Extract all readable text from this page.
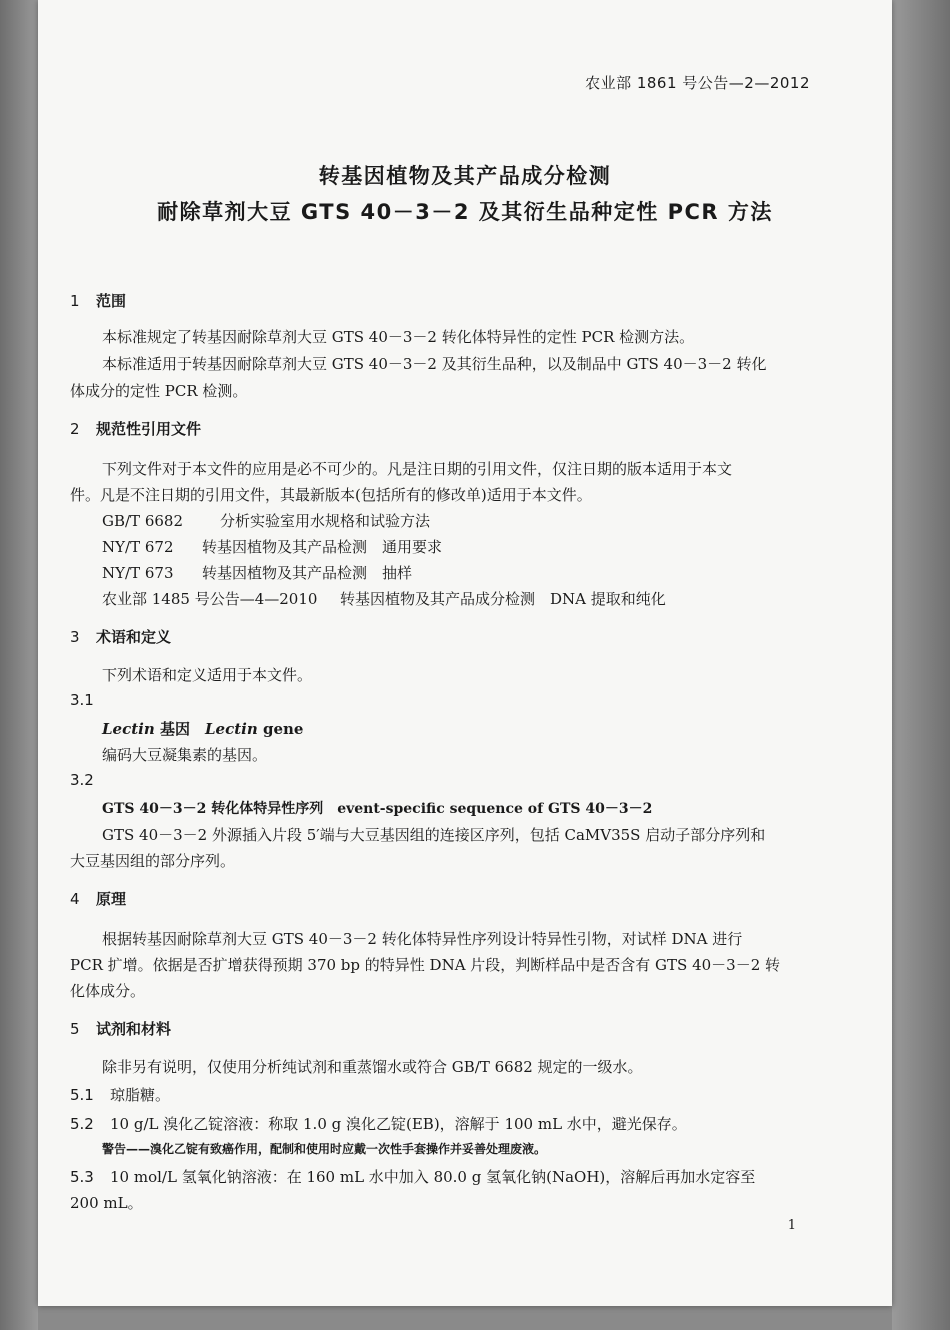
农业部 1861 号公告—2—2012
转基因植物及其产品成分检测
耐除草剂大豆 GTS 40－3－2 及其衍生品种定性 PCR 方法
1 范围
本标准规定了转基因耐除草剂大豆 GTS 40－3－2 转化体特异性的定性 PCR 检测方法。
本标准适用于转基因耐除草剂大豆 GTS 40－3－2 及其衍生品种，以及制品中 GTS 40－3－2 转化
体成分的定性 PCR 检测。
2 规范性引用文件
下列文件对于本文件的应用是必不可少的。凡是注日期的引用文件，仅注日期的版本适用于本文
件。凡是不注日期的引用文件，其最新版本(包括所有的修改单)适用于本文件。
GB/T 6682 分析实验室用水规格和试验方法
NY/T 672 转基因植物及其产品检测　通用要求
NY/T 673 转基因植物及其产品检测　抽样
农业部 1485 号公告—4—2010 转基因植物及其产品成分检测　DNA 提取和纯化
3 术语和定义
下列术语和定义适用于本文件。
3.1
Lectin 基因　Lectin gene
编码大豆凝集素的基因。
3.2
GTS 40－3－2 转化体特异性序列　event-specific sequence of GTS 40－3－2
GTS 40－3－2 外源插入片段 5′端与大豆基因组的连接区序列，包括 CaMV35S 启动子部分序列和
大豆基因组的部分序列。
4 原理
根据转基因耐除草剂大豆 GTS 40－3－2 转化体特异性序列设计特异性引物，对试样 DNA 进行
PCR 扩增。依据是否扩增获得预期 370 bp 的特异性 DNA 片段，判断样品中是否含有 GTS 40－3－2 转
化体成分。
5 试剂和材料
除非另有说明，仅使用分析纯试剂和重蒸馏水或符合 GB/T 6682 规定的一级水。
5.1 琼脂糖。
5.2 10 g/L 溴化乙锭溶液：称取 1.0 g 溴化乙锭(EB)，溶解于 100 mL 水中，避光保存。
警告——溴化乙锭有致癌作用，配制和使用时应戴一次性手套操作并妥善处理废液。
5.3 10 mol/L 氢氧化钠溶液：在 160 mL 水中加入 80.0 g 氢氧化钠(NaOH)，溶解后再加水定容至
200 mL。
1
